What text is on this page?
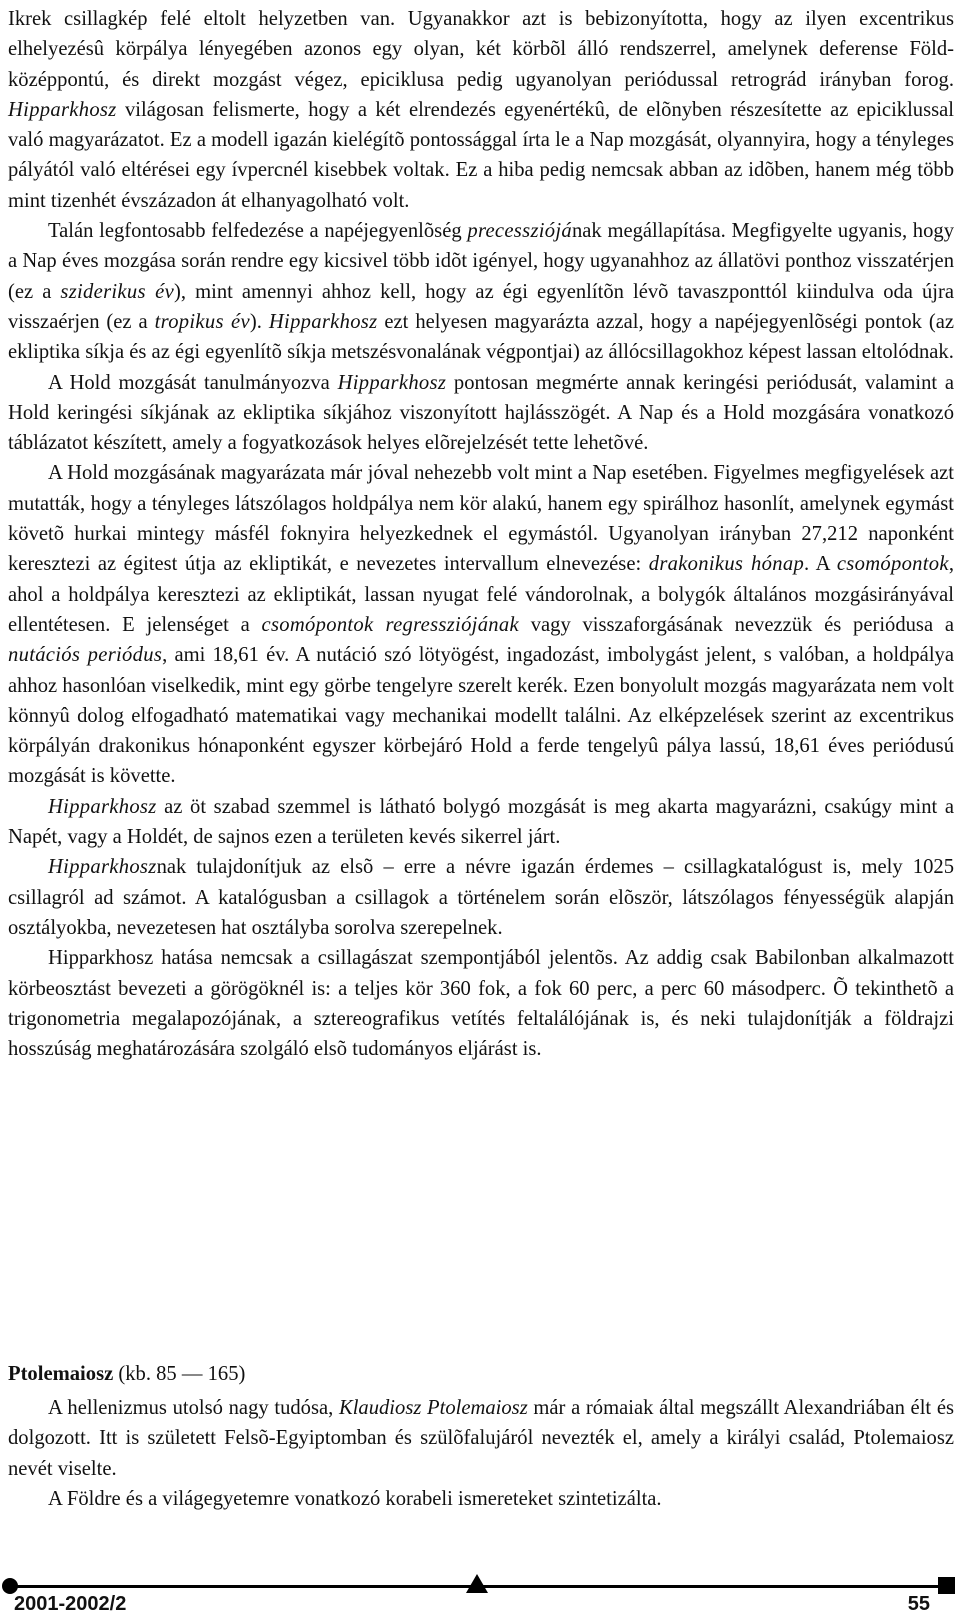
Ikrek csillagkép felé eltolt helyzetben van. Ugyanakkor azt is bebizonyította, hogy az ilyen excentrikus elhelyezésû körpálya lényegében azonos egy olyan, két körbõl álló rendszerrel, amelynek deferense Föld-középpontú, és direkt mozgást végez, epiciklusa pedig ugyanolyan periódussal retrográd irányban forog. Hipparkhosz világosan felismerte, hogy a két elrendezés egyenértékû, de elõnyben részesítette az epiciklussal való magyarázatot. Ez a modell igazán kielégítõ pontossággal írta le a Nap mozgását, olyannyira, hogy a tényleges pályától való eltérései egy ívpercnél kisebbek voltak. Ez a hiba pedig nemcsak abban az idõben, hanem még több mint tizenhét évszázadon át elhanyagolható volt.

Talán legfontosabb felfedezése a napéjegyenlõség precessziójának megállapítása. Megfigyelte ugyanis, hogy a Nap éves mozgása során rendre egy kicsivel több idõt igényel, hogy ugyanahhoz az állatövi ponthoz visszatérjen (ez a sziderikus év), mint amennyi ahhoz kell, hogy az égi egyenlítõn lévõ tavaszponttól kiindulva oda újra visszaérjen (ez a tropikus év). Hipparkhosz ezt helyesen magyarázta azzal, hogy a napéjegyenlõségi pontok (az ekliptika síkja és az égi egyenlítõ síkja metszésvonalának végpontjai) az állócsillagokhoz képest lassan eltolódnak.

A Hold mozgását tanulmányozva Hipparkhosz pontosan megmérte annak keringési periódusát, valamint a Hold keringési síkjának az ekliptika síkjához viszonyított hajlásszögét. A Nap és a Hold mozgására vonatkozó táblázatot készített, amely a fogyatkozások helyes elõrejelzését tette lehetõvé.

A Hold mozgásának magyarázata már jóval nehezebb volt mint a Nap esetében. Figyelmes megfigyelések azt mutatták, hogy a tényleges látszólagos holdpálya nem kör alakú, hanem egy spirálhoz hasonlít, amelynek egymást követõ hurkai mintegy másfél foknyira helyezkednek el egymástól. Ugyanolyan irányban 27,212 naponként keresztezi az égitest útja az ekliptikát, e nevezetes intervallum elnevezése: drakonikus hónap. A csomópontok, ahol a holdpálya keresztezi az ekliptikát, lassan nyugat felé vándorolnak, a bolygók általános mozgásirányával ellentétesen. E jelenséget a csomópontok regressziójának vagy visszaforgásának nevezzük és periódusa a nutációs periódus, ami 18,61 év. A nutáció szó lötyögést, ingadozást, imbolygást jelent, s valóban, a holdpálya ahhoz hasonlóan viselkedik, mint egy görbe tengelyre szerelt kerék. Ezen bonyolult mozgás magyarázata nem volt könnyû dolog elfogadható matematikai vagy mechanikai modellt találni. Az elképzelések szerint az excentrikus körpályán drakonikus hónaponként egyszer körbejáró Hold a ferde tengelyû pálya lassú, 18,61 éves periódusú mozgását is követte.

Hipparkhosz az öt szabad szemmel is látható bolygó mozgását is meg akarta magyarázni, csakúgy mint a Napét, vagy a Holdét, de sajnos ezen a területen kevés sikerrel járt.

Hipparkhosznak tulajdonítjuk az elsõ – erre a névre igazán érdemes – csillagkatalógust is, mely 1025 csillagról ad számot. A katalógusban a csillagok a történelem során elõször, látszólagos fényességük alapján osztályokba, nevezetesen hat osztályba sorolva szerepelnek.

Hipparkhosz hatása nemcsak a csillagászat szempontjából jelentõs. Az addig csak Babilonban alkalmazott körbeosztást bevezeti a görögöknél is: a teljes kör 360 fok, a fok 60 perc, a perc 60 másodperc. Õ tekinthetõ a trigonometria megalapozójának, a sztereografikus vetítés feltalálójának is, és neki tulajdonítják a földrajzi hosszúság meghatározására szolgáló elsõ tudományos eljárást is.

Ptolemaiosz (kb. 85 — 165)

A hellenizmus utolsó nagy tudósa, Klaudiosz Ptolemaiosz már a rómaiak által megszállt Alexandriában élt és dolgozott. Itt is született Felsõ-Egyiptomban és szülõfalujáról nevezték el, amely a királyi család, Ptolemaiosz nevét viselte.

A Földre és a világegyetemre vonatkozó korabeli ismereteket szintetizálta.

2001-2002/2	55
